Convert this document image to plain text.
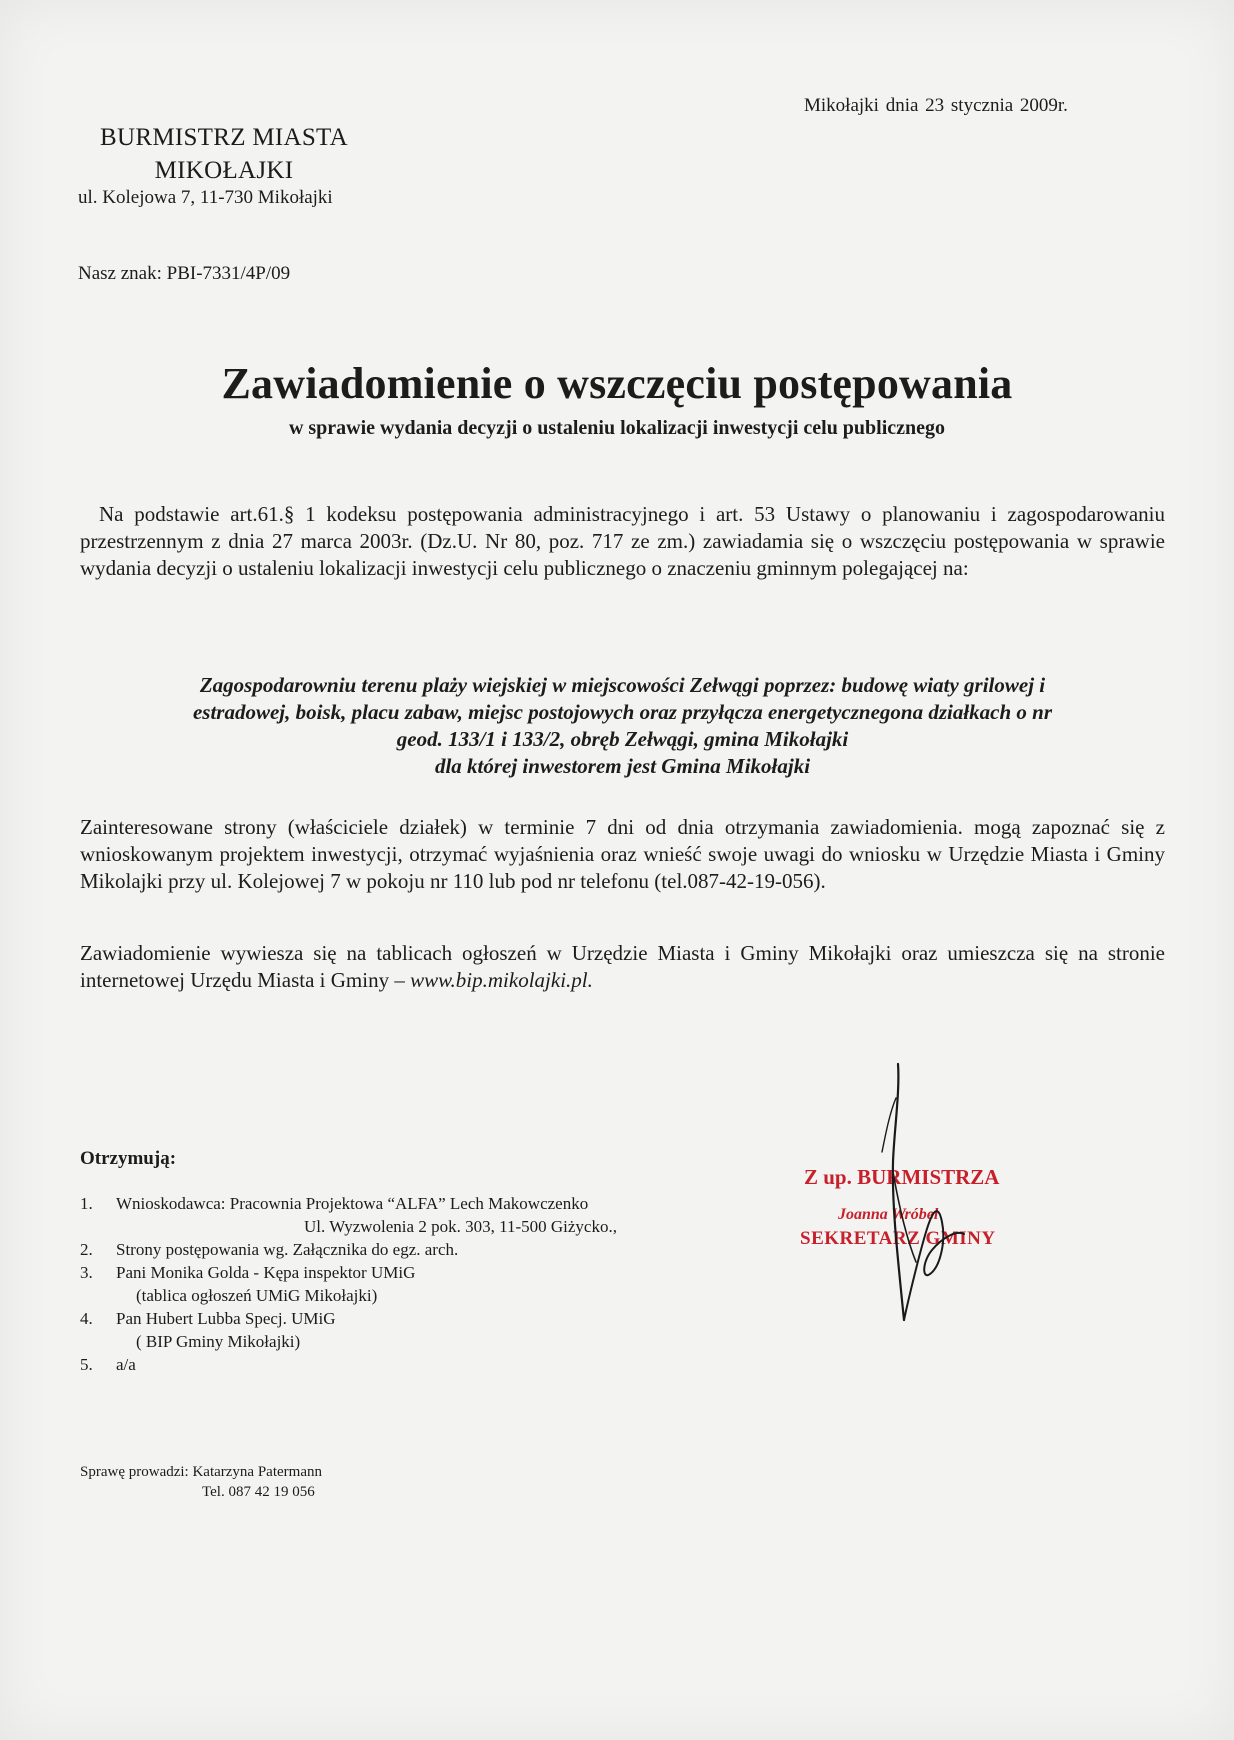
BURMISTRZ MIASTA
MIKOŁAJKI
ul. Kolejowa 7, 11-730 Mikołajki
Mikołajki dnia 23 stycznia 2009r.
Nasz znak: PBI-7331/4P/09
Zawiadomienie o wszczęciu postępowania
w sprawie wydania decyzji o ustaleniu lokalizacji inwestycji celu publicznego
Na podstawie art.61.§ 1 kodeksu postępowania administracyjnego i art. 53 Ustawy o planowaniu i zagospodarowaniu przestrzennym z dnia 27 marca 2003r. (Dz.U. Nr 80, poz. 717 ze zm.) zawiadamia się o wszczęciu postępowania w sprawie wydania decyzji o ustaleniu lokalizacji inwestycji celu publicznego o znaczeniu gminnym polegającej na:
Zagospodarowniu terenu plaży wiejskiej w miejscowości Zełwągi poprzez: budowę wiaty grilowej i
estradowej, boisk, placu zabaw, miejsc postojowych oraz przyłącza energetycznegona działkach o nr
geod. 133/1 i 133/2, obręb Zełwągi, gmina Mikołajki
dla której inwestorem jest Gmina Mikołajki
Zainteresowane strony (właściciele działek) w terminie 7 dni od dnia otrzymania zawiadomienia. mogą zapoznać się z wnioskowanym projektem inwestycji, otrzymać wyjaśnienia oraz wnieść swoje uwagi do wniosku w Urzędzie Miasta i Gminy Mikolajki przy ul. Kolejowej 7 w pokoju nr 110 lub pod nr telefonu (tel.087-42-19-056).
Zawiadomienie wywiesza się na tablicach ogłoszeń w Urzędzie Miasta i Gminy Mikołajki oraz umieszcza się na stronie internetowej Urzędu Miasta i Gminy – www.bip.mikolajki.pl.
Otrzymują:
1. Wnioskodawca: Pracownia Projektowa “ALFA” Lech Makowczenko
Ul. Wyzwolenia 2 pok. 303, 11-500 Giżycko.,
2. Strony postępowania wg. Załącznika do egz. arch.
3. Pani Monika Golda - Kępa inspektor UMiG
(tablica ogłoszeń UMiG Mikołajki)
4. Pan Hubert Lubba Specj. UMiG
( BIP Gminy Mikołajki)
5. a/a
Sprawę prowadzi: Katarzyna Patermann
Tel. 087 42 19 056
Z up. BURMISTRZA
Joanna Wróbel
SEKRETARZ GMINY
